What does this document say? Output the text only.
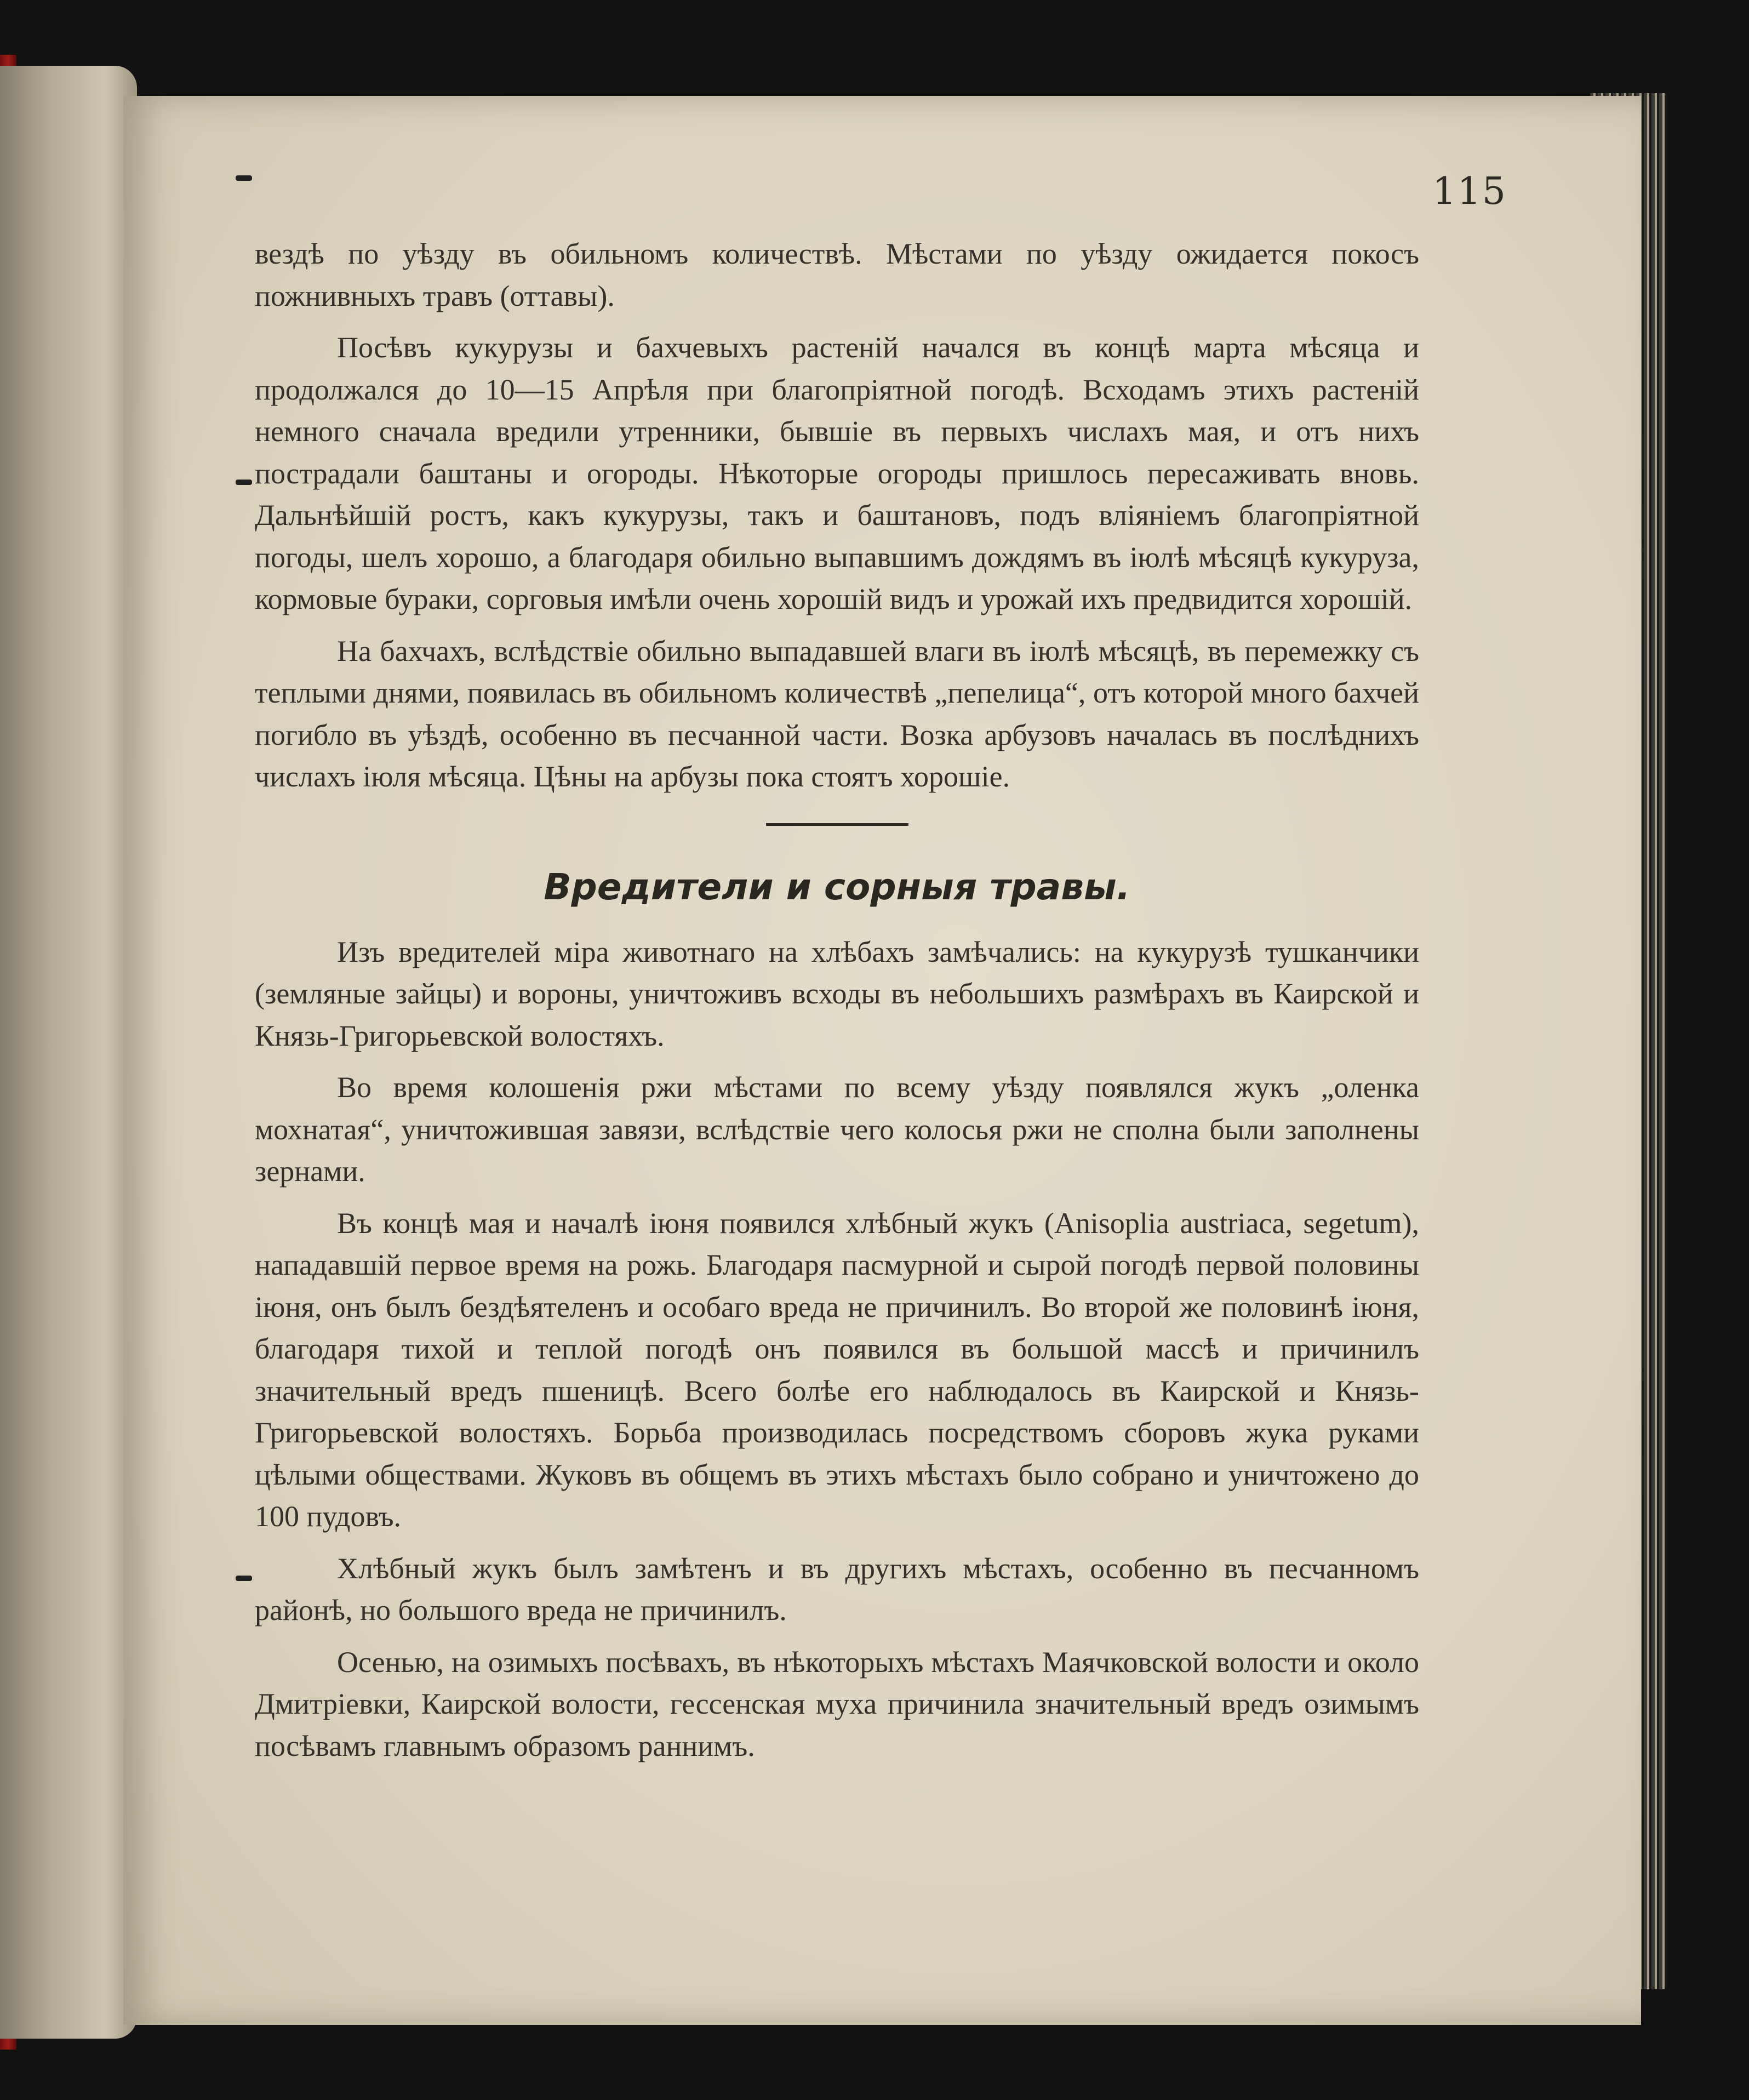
115

вездѣ по уѣзду въ обильномъ количествѣ. Мѣстами по уѣзду ожидается покосъ пожнивныхъ травъ (оттавы).

Посѣвъ кукурузы и бахчевыхъ растеній начался въ концѣ марта мѣсяца и продолжался до 10—15 Апрѣля при благопріятной погодѣ. Всходамъ этихъ растеній немного сначала вредили утренники, бывшіе въ первыхъ числахъ мая, и отъ нихъ пострадали баштаны и огороды. Нѣкоторые огороды пришлось пересаживать вновь. Дальнѣйшій ростъ, какъ кукурузы, такъ и баштановъ, подъ вліяніемъ благопріятной погоды, шелъ хорошо, а благодаря обильно выпавшимъ дождямъ въ іюлѣ мѣсяцѣ кукуруза, кормовые бураки, сорговыя имѣли очень хорошій видъ и урожай ихъ предвидится хорошій.

На бахчахъ, вслѣдствіе обильно выпадавшей влаги въ іюлѣ мѣсяцѣ, въ перемежку съ теплыми днями, появилась въ обильномъ количествѣ „пепелица“, отъ которой много бахчей погибло въ уѣздѣ, особенно въ песчанной части. Возка арбузовъ началась въ послѣднихъ числахъ іюля мѣсяца. Цѣны на арбузы пока стоятъ хорошіе.

Вредители и сорныя травы.

Изъ вредителей міра животнаго на хлѣбахъ замѣчались: на кукурузѣ тушканчики (земляные зайцы) и вороны, уничтоживъ всходы въ небольшихъ размѣрахъ въ Каирской и Князь-Григорьевской волостяхъ.

Во время колошенія ржи мѣстами по всему уѣзду появлялся жукъ „оленка мохнатая“, уничтожившая завязи, вслѣдствіе чего колосья ржи не сполна были заполнены зернами.

Въ концѣ мая и началѣ іюня появился хлѣбный жукъ (Anisoplia austriaca, segetum), нападавшій первое время на рожь. Благодаря пасмурной и сырой погодѣ первой половины іюня, онъ былъ бездѣятеленъ и особаго вреда не причинилъ. Во второй же половинѣ іюня, благодаря тихой и теплой погодѣ онъ появился въ большой массѣ и причинилъ значительный вредъ пшеницѣ. Всего болѣе его наблюдалось въ Каирской и Князь-Григорьевской волостяхъ. Борьба производилась посредствомъ сборовъ жука руками цѣлыми обществами. Жуковъ въ общемъ въ этихъ мѣстахъ было собрано и уничтожено до 100 пудовъ.

Хлѣбный жукъ былъ замѣтенъ и въ другихъ мѣстахъ, особенно въ песчанномъ районѣ, но большого вреда не причинилъ.

Осенью, на озимыхъ посѣвахъ, въ нѣкоторыхъ мѣстахъ Маячковской волости и около Дмитріевки, Каирской волости, гессенская муха причинила значительный вредъ озимымъ посѣвамъ главнымъ образомъ раннимъ.
